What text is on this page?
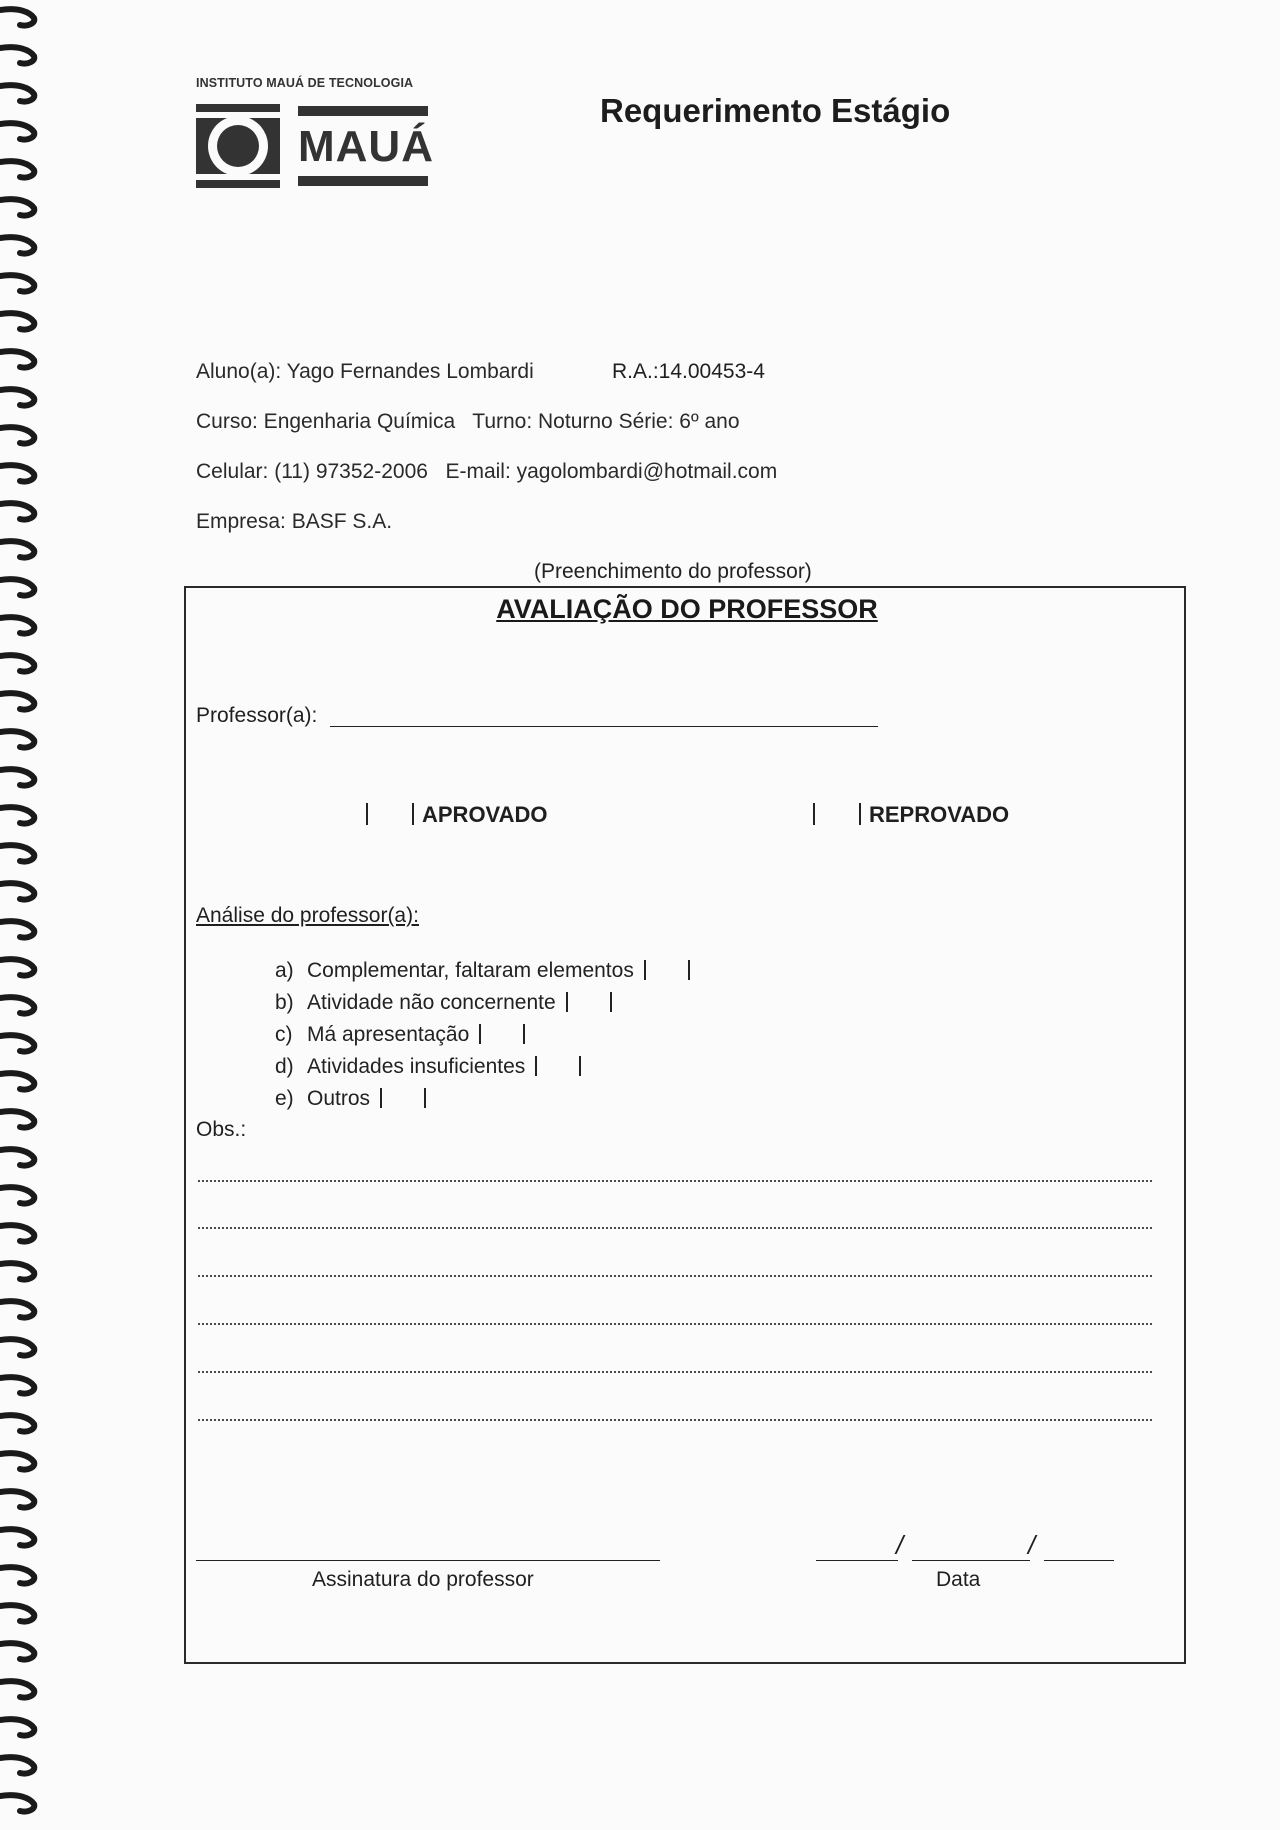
INSTITUTO MAUÁ DE TECNOLOGIA
MAUÁ
Requerimento Estágio
Aluno(a): Yago Fernandes Lombardi	R.A.:14.00453-4
Curso: Engenharia Química Turno: Noturno Série: 6º ano
Celular: (11) 97352-2006 E-mail: yagolombardi@hotmail.com
Empresa: BASF S.A.
(Preenchimento do professor)
AVALIAÇÃO DO PROFESSOR
Professor(a):
APROVADO	REPROVADO
Análise do professor(a):
a) Complementar, faltaram elementos
b) Atividade não concernente
c) Má apresentação
d) Atividades insuficientes
e) Outros
Obs.:
Assinatura do professor
/	/
Data
